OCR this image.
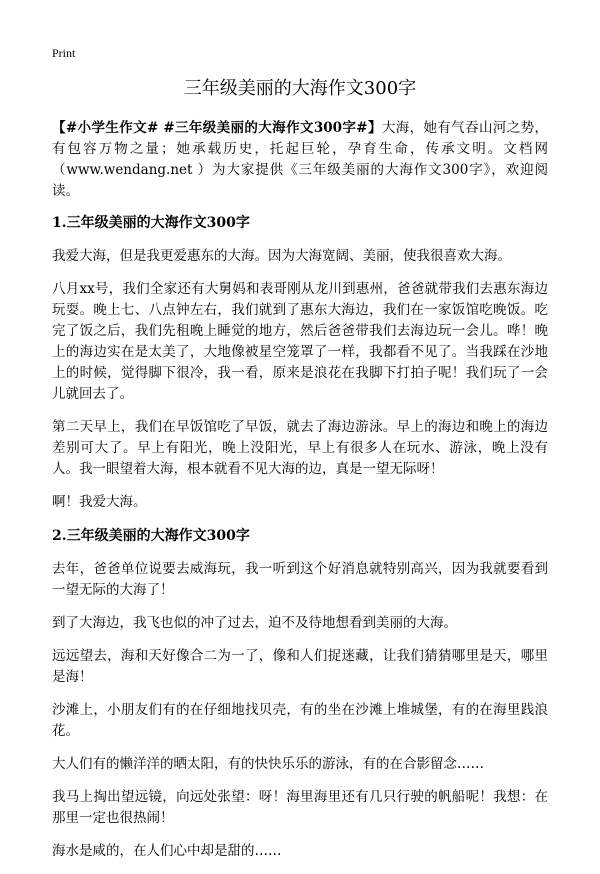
Print
三年级美丽的大海作文300字

【#小学生作文# #三年级美丽的大海作文300字#】大海，她有气吞山河之势，有包容万物之量；她承载历史，托起巨轮，孕育生命，传承文明。文档网（www.wendang.net ）为大家提供《三年级美丽的大海作文300字》，欢迎阅读。

1.三年级美丽的大海作文300字

我爱大海，但是我更爱惠东的大海。因为大海宽阔、美丽，使我很喜欢大海。

八月xx号，我们全家还有大舅妈和表哥刚从龙川到惠州，爸爸就带我们去惠东海边玩耍。晚上七、八点钟左右，我们就到了惠东大海边，我们在一家饭馆吃晚饭。吃完了饭之后，我们先租晚上睡觉的地方，然后爸爸带我们去海边玩一会儿。哗！晚上的海边实在是太美了，大地像被星空笼罩了一样，我都看不见了。当我踩在沙地上的时候，觉得脚下很冷，我一看，原来是浪花在我脚下打拍子呢！我们玩了一会儿就回去了。

第二天早上，我们在早饭馆吃了早饭，就去了海边游泳。早上的海边和晚上的海边差别可大了。早上有阳光，晚上没阳光，早上有很多人在玩水、游泳，晚上没有人。我一眼望着大海，根本就看不见大海的边，真是一望无际呀！

啊！我爱大海。

2.三年级美丽的大海作文300字

去年，爸爸单位说要去威海玩，我一听到这个好消息就特别高兴，因为我就要看到一望无际的大海了！

到了大海边，我飞也似的冲了过去，迫不及待地想看到美丽的大海。

远远望去，海和天好像合二为一了，像和人们捉迷藏，让我们猜猜哪里是天，哪里是海！

沙滩上，小朋友们有的在仔细地找贝壳，有的坐在沙滩上堆城堡，有的在海里践浪花。

大人们有的懒洋洋的晒太阳，有的快快乐乐的游泳，有的在合影留念……

我马上掏出望远镜，向远处张望：呀！海里海里还有几只行驶的帆船呢！我想：在那里一定也很热闹！

海水是咸的，在人们心中却是甜的……
